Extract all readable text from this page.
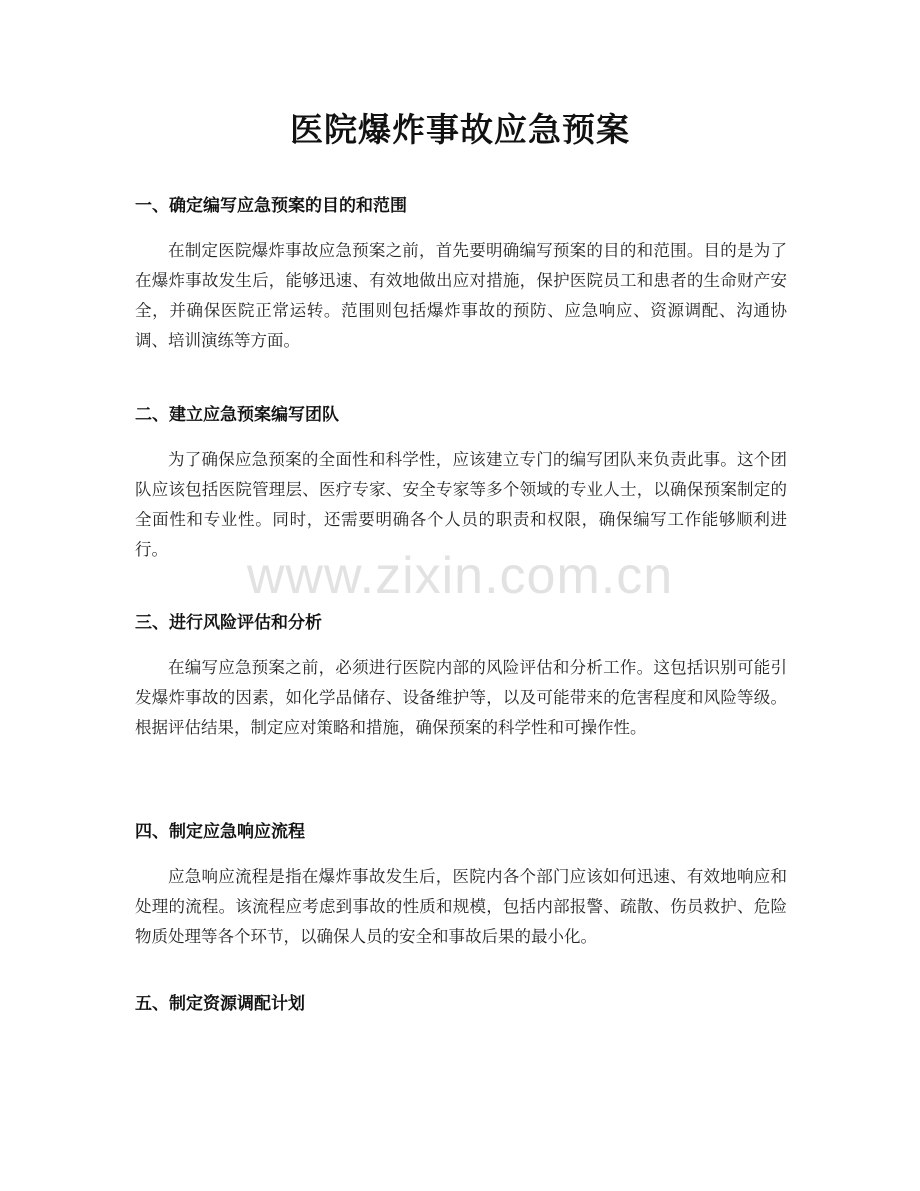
医院爆炸事故应急预案
一、确定编写应急预案的目的和范围

在制定医院爆炸事故应急预案之前，首先要明确编写预案的目的和范围。目的是为了在爆炸事故发生后，能够迅速、有效地做出应对措施，保护医院员工和患者的生命财产安全，并确保医院正常运转。范围则包括爆炸事故的预防、应急响应、资源调配、沟通协调、培训演练等方面。

二、建立应急预案编写团队

为了确保应急预案的全面性和科学性，应该建立专门的编写团队来负责此事。这个团队应该包括医院管理层、医疗专家、安全专家等多个领域的专业人士，以确保预案制定的全面性和专业性。同时，还需要明确各个人员的职责和权限，确保编写工作能够顺利进行。

三、进行风险评估和分析

在编写应急预案之前，必须进行医院内部的风险评估和分析工作。这包括识别可能引发爆炸事故的因素，如化学品储存、设备维护等，以及可能带来的危害程度和风险等级。根据评估结果，制定应对策略和措施，确保预案的科学性和可操作性。

四、制定应急响应流程

应急响应流程是指在爆炸事故发生后，医院内各个部门应该如何迅速、有效地响应和处理的流程。该流程应考虑到事故的性质和规模，包括内部报警、疏散、伤员救护、危险物质处理等各个环节，以确保人员的安全和事故后果的最小化。

五、制定资源调配计划
www.zixin.com.cn
